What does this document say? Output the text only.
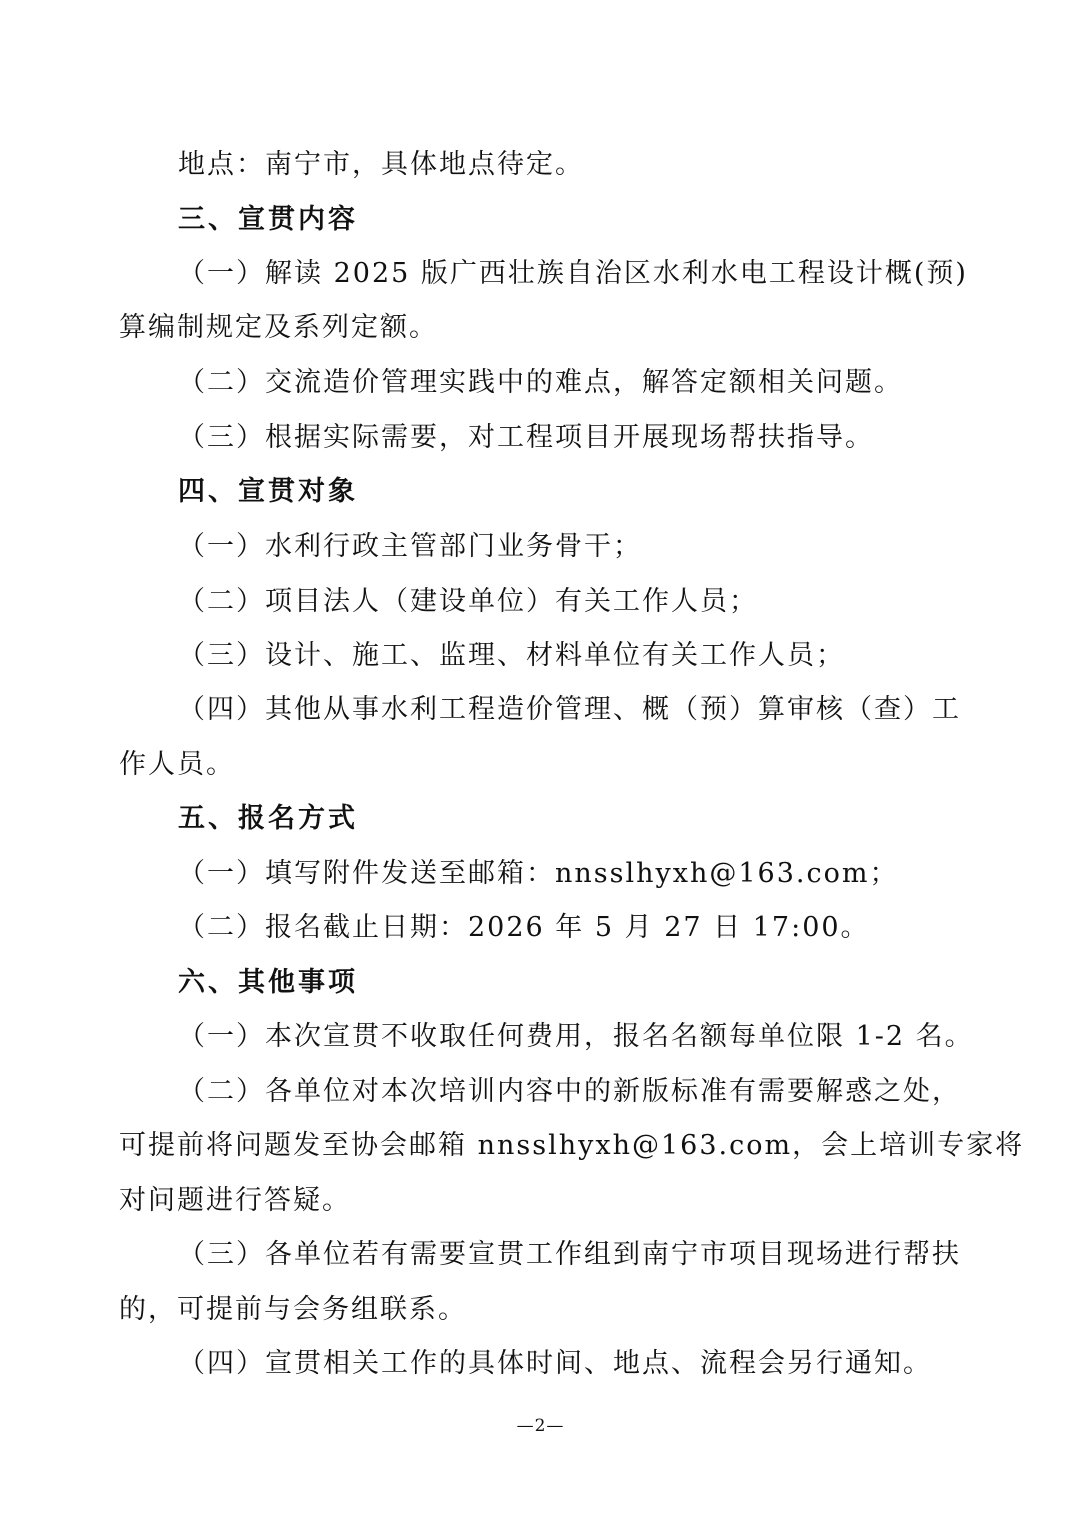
地点：南宁市，具体地点待定。
三、宣贯内容
（一）解读 2025 版广西壮族自治区水利水电工程设计概(预)
算编制规定及系列定额。
（二）交流造价管理实践中的难点，解答定额相关问题。
（三）根据实际需要，对工程项目开展现场帮扶指导。
四、宣贯对象
（一）水利行政主管部门业务骨干；
（二）项目法人（建设单位）有关工作人员；
（三）设计、施工、监理、材料单位有关工作人员；
（四）其他从事水利工程造价管理、概（预）算审核（查）工
作人员。
五、报名方式
（一）填写附件发送至邮箱：nnsslhyxh@163.com；
（二）报名截止日期：2026 年 5 月 27 日 17:00。
六、其他事项
（一）本次宣贯不收取任何费用，报名名额每单位限 1-2 名。
（二）各单位对本次培训内容中的新版标准有需要解惑之处，
可提前将问题发至协会邮箱 nnsslhyxh@163.com，会上培训专家将
对问题进行答疑。
（三）各单位若有需要宣贯工作组到南宁市项目现场进行帮扶
的，可提前与会务组联系。
（四）宣贯相关工作的具体时间、地点、流程会另行通知。
—2—
